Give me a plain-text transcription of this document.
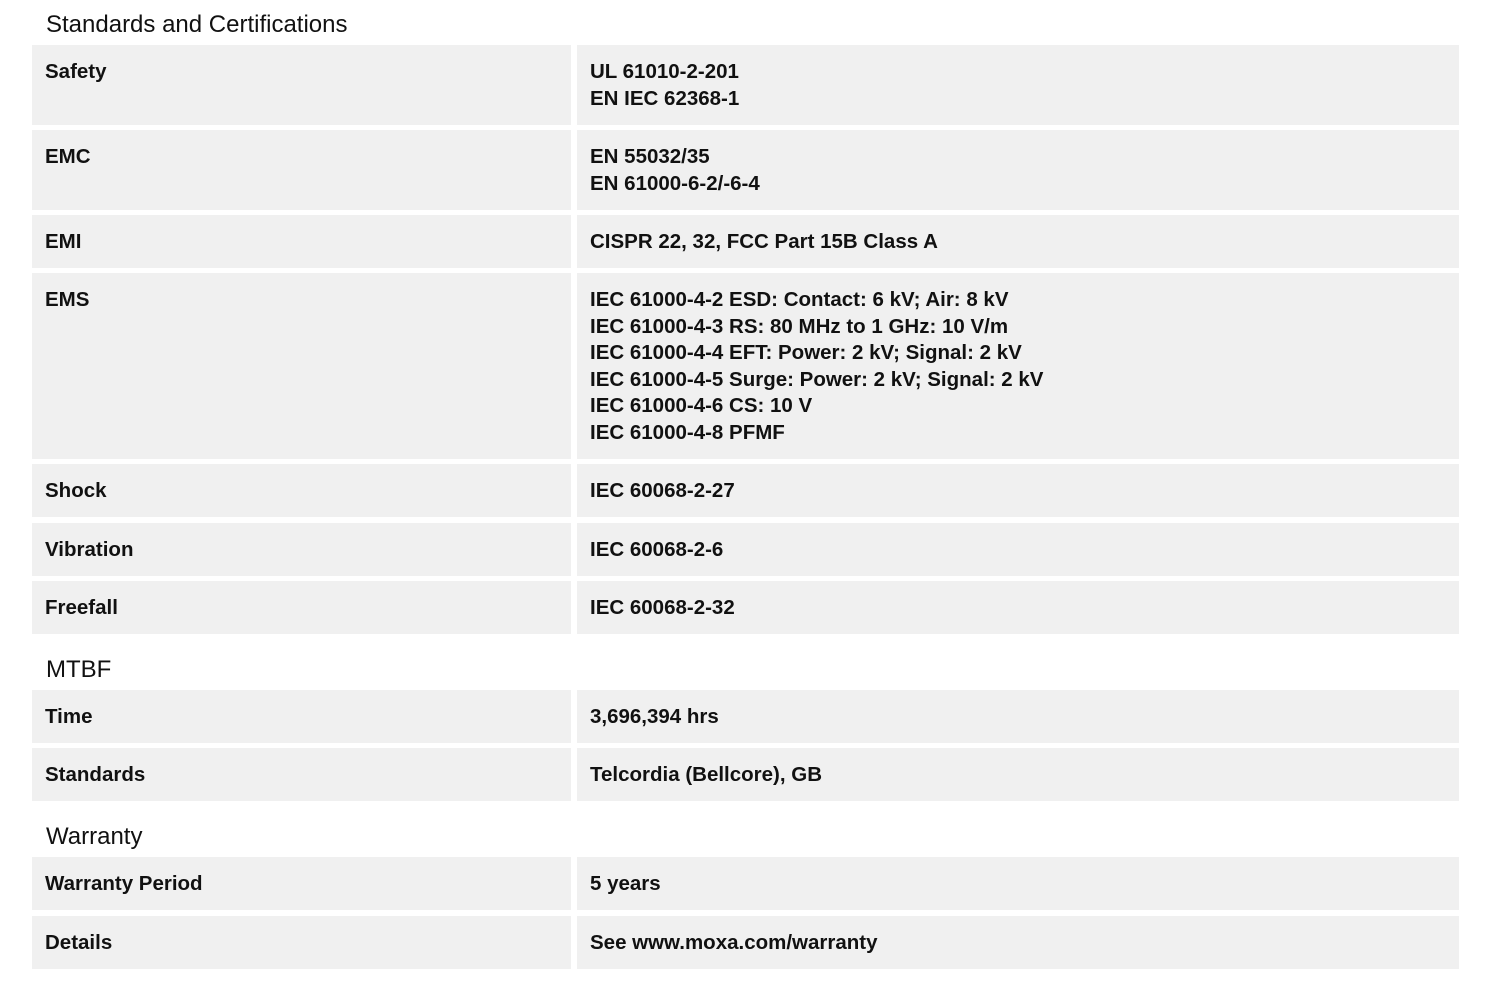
Standards and Certifications
Safety	UL 61010-2-201
EN IEC 62368-1
EMC	EN 55032/35
EN 61000-6-2/-6-4
EMI	CISPR 22, 32, FCC Part 15B Class A
EMS	IEC 61000-4-2 ESD: Contact: 6 kV; Air: 8 kV
IEC 61000-4-3 RS: 80 MHz to 1 GHz: 10 V/m
IEC 61000-4-4 EFT: Power: 2 kV; Signal: 2 kV
IEC 61000-4-5 Surge: Power: 2 kV; Signal: 2 kV
IEC 61000-4-6 CS: 10 V
IEC 61000-4-8 PFMF
Shock	IEC 60068-2-27
Vibration	IEC 60068-2-6
Freefall	IEC 60068-2-32
MTBF
Time	3,696,394 hrs
Standards	Telcordia (Bellcore), GB
Warranty
Warranty Period	5 years
Details	See www.moxa.com/warranty
